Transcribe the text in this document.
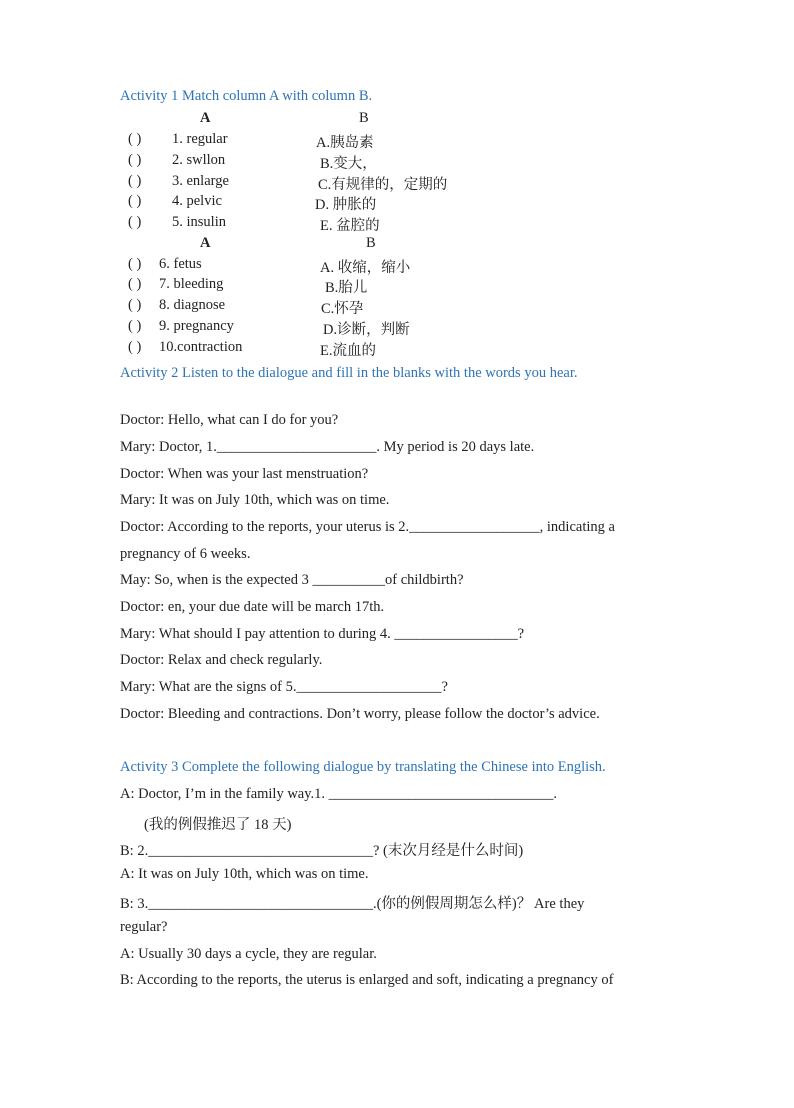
Activity 1 Match column A with column B.
A	B
( ) 1. regular	A.胰岛素
( ) 2. swllon	B.变大，
( ) 3. enlarge	C.有规律的，定期的
( ) 4. pelvic	D. 肿胀的
( ) 5. insulin	E. 盆腔的
A	B
( ) 6. fetus	A. 收缩，缩小
( ) 7. bleeding	B.胎儿
( ) 8. diagnose	C.怀孕
( ) 9. pregnancy	D.诊断，判断
( ) 10.contraction	E.流血的
Activity 2 Listen to the dialogue and fill in the blanks with the words you hear.
Doctor: Hello, what can I do for you?
Mary: Doctor, 1.______________________. My period is 20 days late.
Doctor: When was your last menstruation?
Mary: It was on July 10th, which was on time.
Doctor: According to the reports, your uterus is 2.__________________, indicating a
pregnancy of 6 weeks.
May: So, when is the expected 3 __________of childbirth?
Doctor: en, your due date will be march 17th.
Mary: What should I pay attention to during 4. _________________?
Doctor: Relax and check regularly.
Mary: What are the signs of 5.____________________?
Doctor: Bleeding and contractions. Don’t worry, please follow the doctor’s advice.
Activity 3 Complete the following dialogue by translating the Chinese into English.
A: Doctor, I’m in the family way.1. _______________________________.
(我的例假推迟了 18 天)
B: 2._______________________________? (末次月经是什么时间)
A: It was on July 10th, which was on time.
B: 3._______________________________.(你的例假周期怎么样)？ Are they
regular?
A: Usually 30 days a cycle, they are regular.
B: According to the reports, the uterus is enlarged and soft, indicating a pregnancy of
